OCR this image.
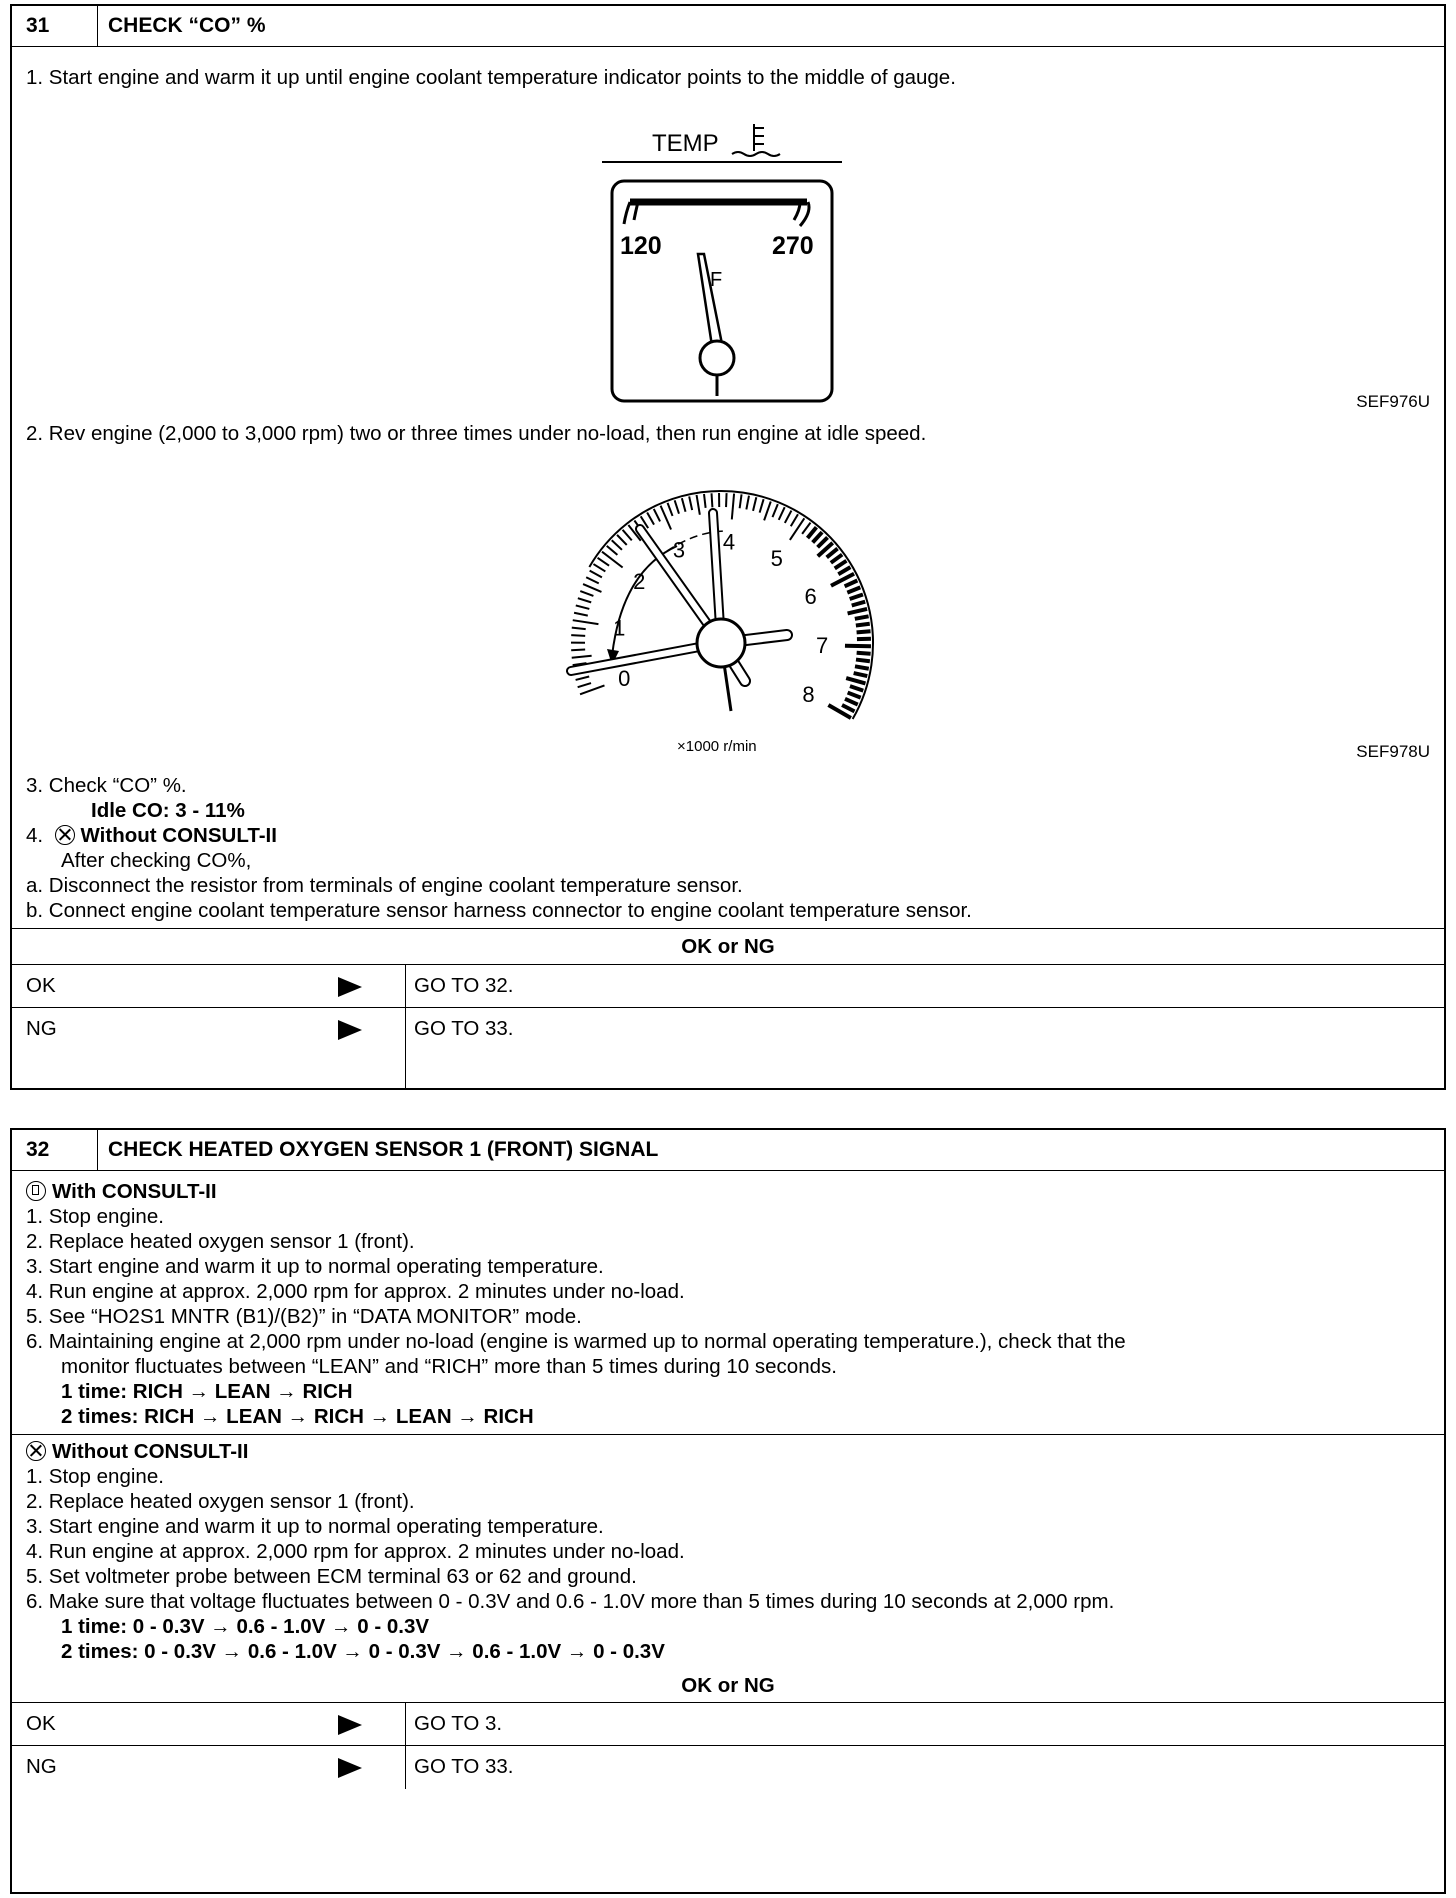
31	CHECK “CO” %
1. Start engine and warm it up until engine coolant temperature indicator points to the middle of gauge.
TEMP
120	270
F
SEF976U
2. Rev engine (2,000 to 3,000 rpm) two or three times under no-load, then run engine at idle speed.
0
1
2
3 4
5
6
7
8
×1000 r/min	SEF978U
3. Check “CO” %.
Idle CO: 3 - 11%
4. Without CONSULT-II
After checking CO%,
a. Disconnect the resistor from terminals of engine coolant temperature sensor.
b. Connect engine coolant temperature sensor harness connector to engine coolant temperature sensor.
OK or NG
OK	GO TO 32.
NG	GO TO 33.
32	CHECK HEATED OXYGEN SENSOR 1 (FRONT) SIGNAL
With CONSULT-II
1. Stop engine.
2. Replace heated oxygen sensor 1 (front).
3. Start engine and warm it up to normal operating temperature.
4. Run engine at approx. 2,000 rpm for approx. 2 minutes under no-load.
5. See “HO2S1 MNTR (B1)/(B2)” in “DATA MONITOR” mode.
6. Maintaining engine at 2,000 rpm under no-load (engine is warmed up to normal operating temperature.), check that the
monitor fluctuates between “LEAN” and “RICH” more than 5 times during 10 seconds.
1 time: RICH → LEAN → RICH
2 times: RICH → LEAN → RICH → LEAN → RICH
Without CONSULT-II
1. Stop engine.
2. Replace heated oxygen sensor 1 (front).
3. Start engine and warm it up to normal operating temperature.
4. Run engine at approx. 2,000 rpm for approx. 2 minutes under no-load.
5. Set voltmeter probe between ECM terminal 63 or 62 and ground.
6. Make sure that voltage fluctuates between 0 - 0.3V and 0.6 - 1.0V more than 5 times during 10 seconds at 2,000 rpm.
1 time: 0 - 0.3V → 0.6 - 1.0V → 0 - 0.3V
2 times: 0 - 0.3V → 0.6 - 1.0V → 0 - 0.3V → 0.6 - 1.0V → 0 - 0.3V
OK or NG
OK	GO TO 3.
NG	GO TO 33.
